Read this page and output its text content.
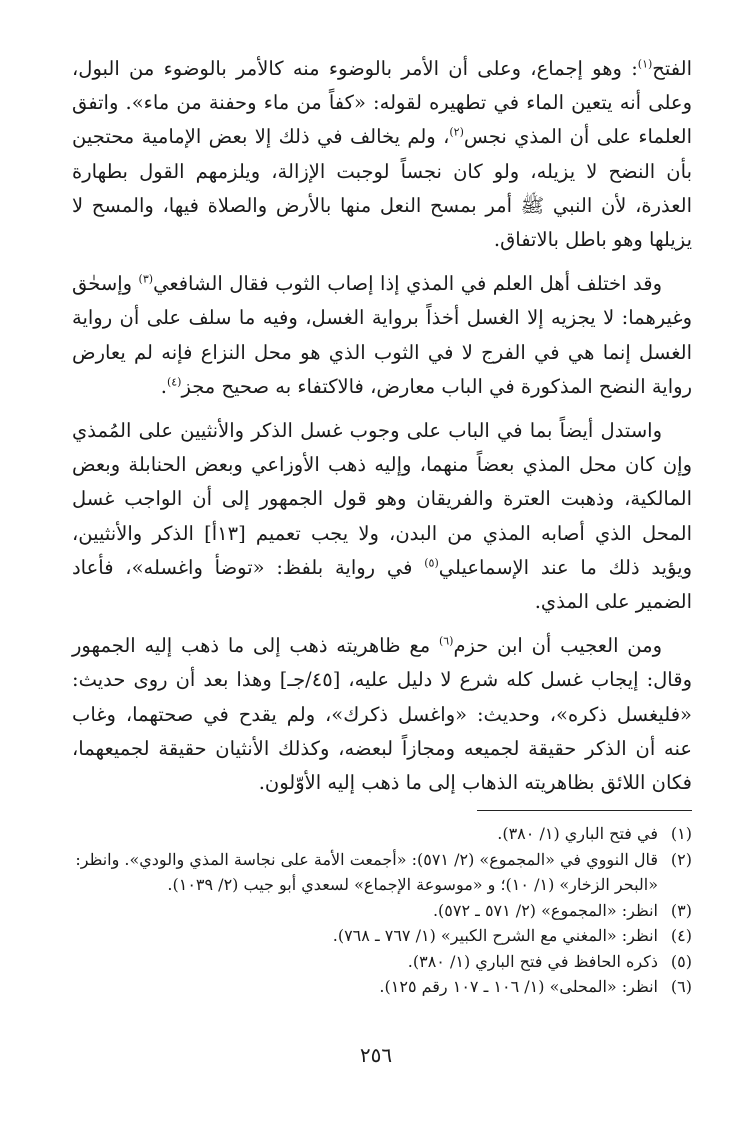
الفتح$^{(١)}$: وهو إجماع، وعلى أن الأمر بالوضوء منه كالأمر بالوضوء من البول، وعلى أنه يتعين الماء في تطهيره لقوله: «كفاً من ماء وحفنة من ماء». واتفق العلماء على أن المذي نجس$^{(٢)}$، ولم يخالف في ذلك إلا بعض الإمامية محتجين بأن النضح لا يزيله، ولو كان نجساً لوجبت الإزالة، ويلزمهم القول بطهارة العذرة، لأن النبي ﷺ أمر بمسح النعل منها بالأرض والصلاة فيها، والمسح لا يزيلها وهو باطل بالاتفاق.

وقد اختلف أهل العلم في المذي إذا إصاب الثوب فقال الشافعي$^{(٣)}$ وإسحٰق وغيرهما: لا يجزيه إلا الغسل أخذاً برواية الغسل، وفيه ما سلف على أن رواية الغسل إنما هي في الفرج لا في الثوب الذي هو محل النزاع فإنه لم يعارض رواية النضح المذكورة في الباب معارض، فالاكتفاء به صحيح مجز$^{(٤)}$.

واستدل أيضاً بما في الباب على وجوب غسل الذكر والأنثيين على المُمذي وإن كان محل المذي بعضاً منهما، وإليه ذهب الأوزاعي وبعض الحنابلة وبعض المالكية، وذهبت العترة والفريقان وهو قول الجمهور إلى أن الواجب غسل المحل الذي أصابه المذي من البدن، ولا يجب تعميم [١٣أ] الذكر والأنثيين، ويؤيد ذلك ما عند الإسماعيلي$^{(٥)}$ في رواية بلفظ: «توضأ واغسله»، فأعاد الضمير على المذي.

ومن العجيب أن ابن حزم$^{(٦)}$ مع ظاهريته ذهب إلى ما ذهب إليه الجمهور وقال: إيجاب غسل كله شرع لا دليل عليه، [٤٥/جـ] وهذا بعد أن روى حديث: «فليغسل ذكره»، وحديث: «واغسل ذكرك»، ولم يقدح في صحتهما، وغاب عنه أن الذكر حقيقة لجميعه ومجازاً لبعضه، وكذلك الأنثيان حقيقة لجميعهما، فكان اللائق بظاهريته الذهاب إلى ما ذهب إليه الأوّلون.

(١)
في فتح الباري (١/ ٣٨٠).
(٢)
قال النووي في «المجموع» (٢/ ٥٧١): «أجمعت الأمة على نجاسة المذي والودي». وانظر: «البحر الزخار» (١/ ١٠)؛ و «موسوعة الإجماع» لسعدي أبو جيب (٢/ ١٠٣٩).
(٣)
انظر: «المجموع» (٢/ ٥٧١ ـ ٥٧٢).
(٤)
انظر: «المغني مع الشرح الكبير» (١/ ٧٦٧ ـ ٧٦٨).
(٥)
ذكره الحافظ في فتح الباري (١/ ٣٨٠).
(٦)
انظر: «المحلى» (١/ ١٠٦ ـ ١٠٧ رقم ١٢٥).
٢٥٦
